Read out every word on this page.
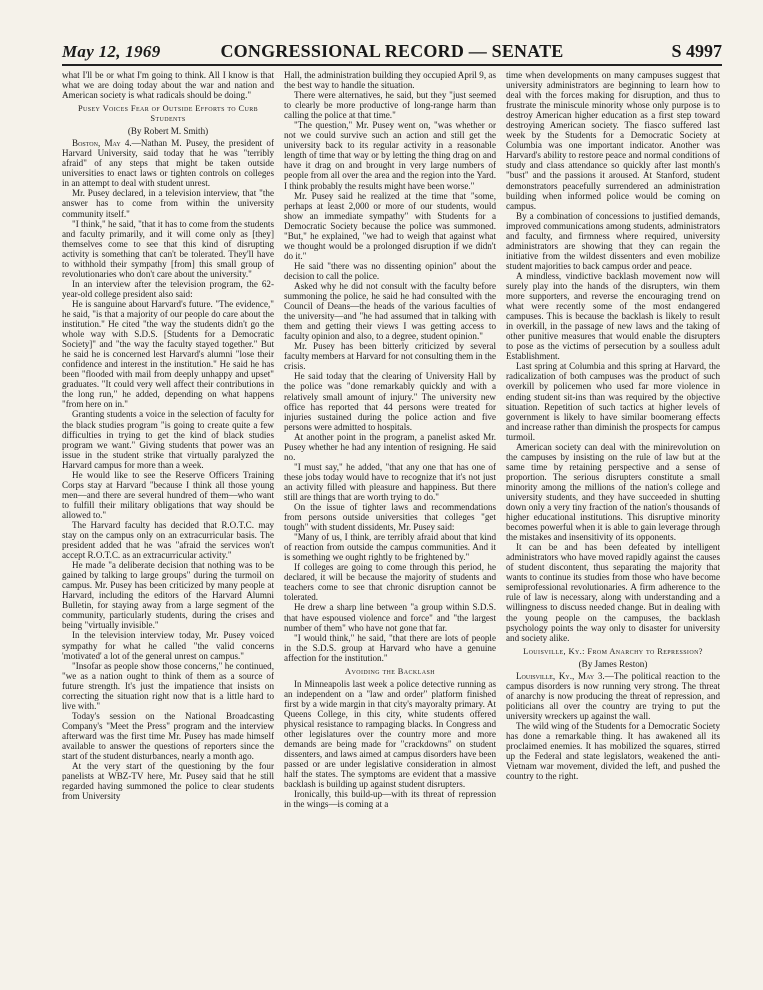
May 12, 1969	CONGRESSIONAL RECORD — SENATE	S 4997

what I'll be or what I'm going to think. All I know is that what we are doing today about the war and nation and American society is what radicals should be doing."

Pusey Voices Fear of Outside Efforts to Curb Students

(By Robert M. Smith)

Boston, May 4.—Nathan M. Pusey, the president of Harvard University, said today that he was "terribly afraid" of any steps that might be taken outside universities to enact laws or tighten controls on colleges in an attempt to deal with student unrest.

Mr. Pusey declared, in a television interview, that "the answer has to come from within the university community itself."

"I think," he said, "that it has to come from the students and faculty primarily, and it will come only as [they] themselves come to see that this kind of disrupting activity is something that can't be tolerated. They'll have to withhold their sympathy [from] this small group of revolutionaries who don't care about the university."

In an interview after the television program, the 62-year-old college president also said:

He is sanguine about Harvard's future. "The evidence," he said, "is that a majority of our people do care about the institution." He cited "the way the students didn't go the whole way with S.D.S. [Students for a Democratic Society]" and "the way the faculty stayed together." But he said he is concerned lest Harvard's alumni "lose their confidence and interest in the institution." He said he has been "flooded with mail from deeply unhappy and upset" graduates. "It could very well affect their contributions in the long run," he added, depending on what happens "from here on in."

Granting students a voice in the selection of faculty for the black studies program "is going to create quite a few difficulties in trying to get the kind of black studies program we want." Giving students that power was an issue in the student strike that virtually paralyzed the Harvard campus for more than a week.

He would like to see the Reserve Officers Training Corps stay at Harvard "because I think all those young men—and there are several hundred of them—who want to fulfill their military obligations that way should be allowed to."

The Harvard faculty has decided that R.O.T.C. may stay on the campus only on an extracurricular basis. The president added that he was "afraid the services won't accept R.O.T.C. as an extracurricular activity."

He made "a deliberate decision that nothing was to be gained by talking to large groups" during the turmoil on campus. Mr. Pusey has been criticized by many people at Harvard, including the editors of the Harvard Alumni Bulletin, for staying away from a large segment of the community, particularly students, during the crises and being "virtually invisible."

In the television interview today, Mr. Pusey voiced sympathy for what he called "the valid concerns 'motivated' a lot of the general unrest on campus."

"Insofar as people show those concerns," he continued, "we as a nation ought to think of them as a source of future strength. It's just the impatience that insists on correcting the situation right now that is a little hard to live with."

Today's session on the National Broadcasting Company's "Meet the Press" program and the interview afterward was the first time Mr. Pusey has made himself available to answer the questions of reporters since the start of the student disturbances, nearly a month ago.

At the very start of the questioning by the four panelists at WBZ-TV here, Mr. Pusey said that he still regarded having summoned the police to clear students from University

Hall, the administration building they occupied April 9, as the best way to handle the situation.

There were alternatives, he said, but they "just seemed to clearly be more productive of long-range harm than calling the police at that time."

"The question," Mr. Pusey went on, "was whether or not we could survive such an action and still get the university back to its regular activity in a reasonable length of time that way or by letting the thing drag on and have it drag on and brought in very large numbers of people from all over the area and the region into the Yard. I think probably the results might have been worse."

Mr. Pusey said he realized at the time that "some, perhaps at least 2,000 or more of our students, would show an immediate sympathy" with Students for a Democratic Society because the police was summoned. "But," he explained, "we had to weigh that against what we thought would be a prolonged disruption if we didn't do it."

He said "there was no dissenting opinion" about the decision to call the police.

Asked why he did not consult with the faculty before summoning the police, he said he had consulted with the Council of Deans—the heads of the various faculties of the university—and "he had assumed that in talking with them and getting their views I was getting access to faculty opinion and also, to a degree, student opinion."

Mr. Pusey has been bitterly criticized by several faculty members at Harvard for not consulting them in the crisis.

He said today that the clearing of University Hall by the police was "done remarkably quickly and with a relatively small amount of injury." The university new office has reported that 44 persons were treated for injuries sustained during the police action and five persons were admitted to hospitals.

At another point in the program, a panelist asked Mr. Pusey whether he had any intention of resigning. He said no.

"I must say," he added, "that any one that has one of these jobs today would have to recognize that it's not just an activity filled with pleasure and happiness. But there still are things that are worth trying to do."

On the issue of tighter laws and recommendations from persons outside universities that colleges "get tough" with student dissidents, Mr. Pusey said:

"Many of us, I think, are terribly afraid about that kind of reaction from outside the campus communities. And it is something we ought rightly to be frightened by."

If colleges are going to come through this period, he declared, it will be because the majority of students and teachers come to see that chronic disruption cannot be tolerated.

He drew a sharp line between "a group within S.D.S. that have espoused violence and force" and "the largest number of them" who have not gone that far.

"I would think," he said, "that there are lots of people in the S.D.S. group at Harvard who have a genuine affection for the institution."

Avoiding the Backlash

In Minneapolis last week a police detective running as an independent on a "law and order" platform finished first by a wide margin in that city's mayoralty primary. At Queens College, in this city, white students offered physical resistance to rampaging blacks. In Congress and other legislatures over the country more and more demands are being made for "crackdowns" on student dissenters, and laws aimed at campus disorders have been passed or are under legislative consideration in almost half the states. The symptoms are evident that a massive backlash is building up against student disrupters.

Ironically, this build-up—with its threat of repression in the wings—is coming at a

time when developments on many campuses suggest that university administrators are beginning to learn how to deal with the forces making for disruption, and thus to frustrate the miniscule minority whose only purpose is to destroy American higher education as a first step toward destroying American society. The fiasco suffered last week by the Students for a Democratic Society at Columbia was one important indicator. Another was Harvard's ability to restore peace and normal conditions of study and class attendance so quickly after last month's "bust" and the passions it aroused. At Stanford, student demonstrators peacefully surrendered an administration building when informed police would be coming on campus.

By a combination of concessions to justified demands, improved communications among students, administrators and faculty, and firmness where required, university administrators are showing that they can regain the initiative from the wildest dissenters and even mobilize student majorities to back campus order and peace.

A mindless, vindictive backlash movement now will surely play into the hands of the disrupters, win them more supporters, and reverse the encouraging trend on what were recently some of the most endangered campuses. This is because the backlash is likely to result in overkill, in the passage of new laws and the taking of other punitive measures that would enable the disrupters to pose as the victims of persecution by a soulless adult Establishment.

Last spring at Columbia and this spring at Harvard, the radicalization of both campuses was the product of such overkill by policemen who used far more violence in ending student sit-ins than was required by the objective situation. Repetition of such tactics at higher levels of government is likely to have similar boomerang effects and increase rather than diminish the prospects for campus turmoil.

American society can deal with the minirevolution on the campuses by insisting on the rule of law but at the same time by retaining perspective and a sense of proportion. The serious disrupters constitute a small minority among the millions of the nation's college and university students, and they have succeeded in shutting down only a very tiny fraction of the nation's thousands of higher educational institutions. This disruptive minority becomes powerful when it is able to gain leverage through the mistakes and insensitivity of its opponents.

It can be and has been defeated by intelligent administrators who have moved rapidly against the causes of student discontent, thus separating the majority that wants to continue its studies from those who have become semiprofessional revolutionaries. A firm adherence to the rule of law is necessary, along with understanding and a willingness to discuss needed change. But in dealing with the young people on the campuses, the backlash psychology points the way only to disaster for university and society alike.

Louisville, Ky.: From Anarchy to Repression?

(By James Reston)

Louisville, Ky., May 3.—The political reaction to the campus disorders is now running very strong. The threat of anarchy is now producing the threat of repression, and politicians all over the country are trying to put the university wreckers up against the wall.

The wild wing of the Students for a Democratic Society has done a remarkable thing. It has awakened all its proclaimed enemies. It has mobilized the squares, stirred up the Federal and state legislators, weakened the anti-Vietnam war movement, divided the left, and pushed the country to the right.
